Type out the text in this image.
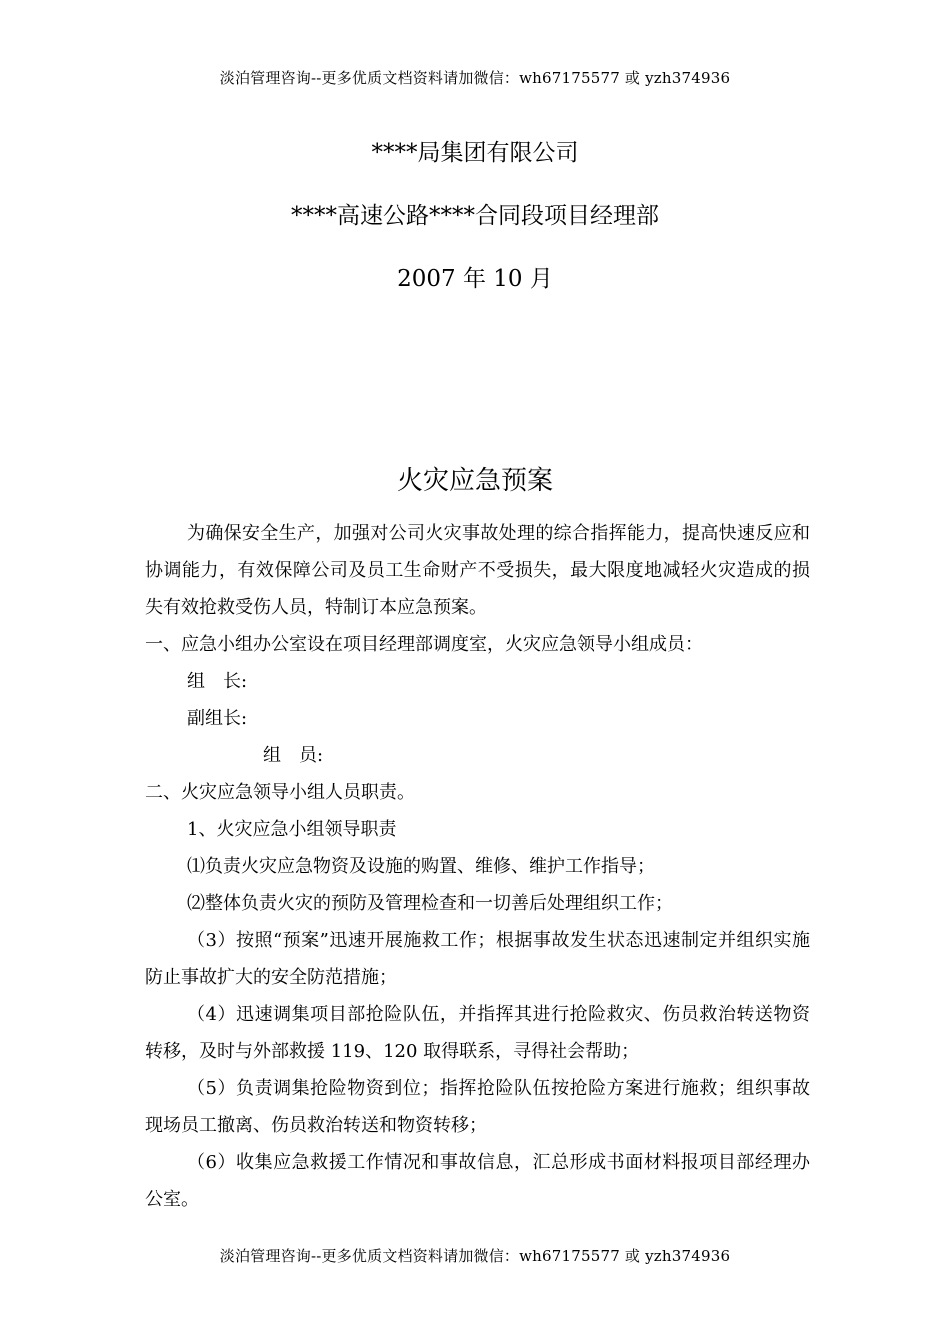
淡泊管理咨询--更多优质文档资料请加微信：wh67175577 或 yzh374936
****局集团有限公司
****高速公路****合同段项目经理部
2007 年 10 月
火灾应急预案
为确保安全生产，加强对公司火灾事故处理的综合指挥能力，提高快速反应和协调能力，有效保障公司及员工生命财产不受损失，最大限度地减轻火灾造成的损失有效抢救受伤人员，特制订本应急预案。
一、应急小组办公室设在项目经理部调度室，火灾应急领导小组成员：
组　长:
副组长:
组　员:
二、火灾应急领导小组人员职责。
1、火灾应急小组领导职责
⑴负责火灾应急物资及设施的购置、维修、维护工作指导；
⑵整体负责火灾的预防及管理检查和一切善后处理组织工作；
（3）按照“预案”迅速开展施救工作；根据事故发生状态迅速制定并组织实施防止事故扩大的安全防范措施；
（4）迅速调集项目部抢险队伍，并指挥其进行抢险救灾、伤员救治转送物资转移，及时与外部救援 119、120 取得联系，寻得社会帮助；
（5）负责调集抢险物资到位；指挥抢险队伍按抢险方案进行施救；组织事故现场员工撤离、伤员救治转送和物资转移；
（6）收集应急救援工作情况和事故信息，汇总形成书面材料报项目部经理办公室。
淡泊管理咨询--更多优质文档资料请加微信：wh67175577 或 yzh374936
